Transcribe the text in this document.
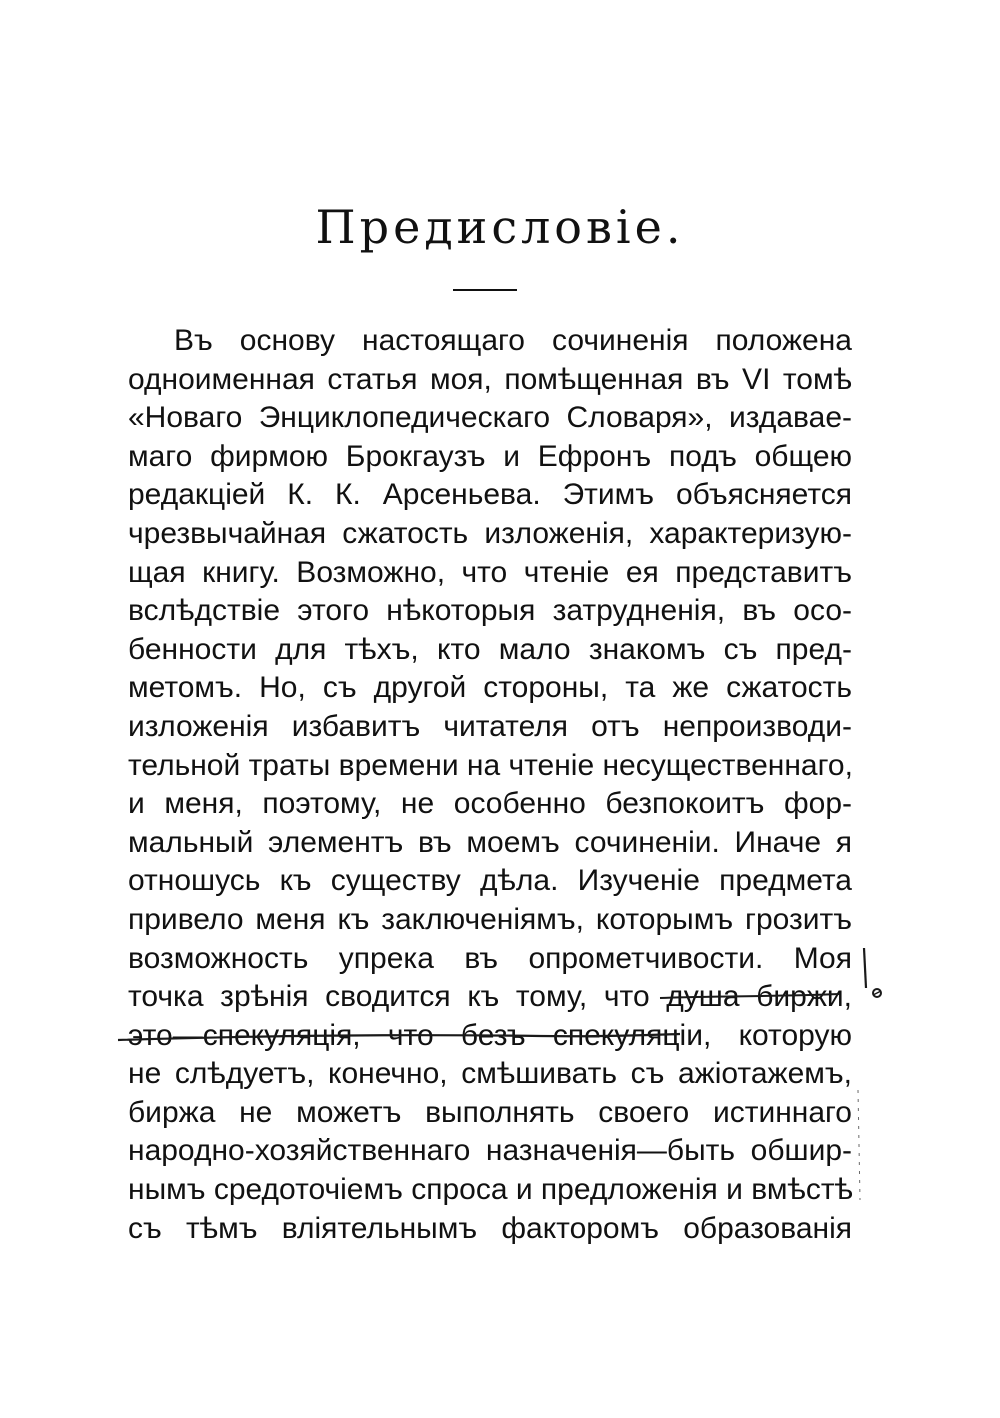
Предисловіе.
Въ основу настоящаго сочиненія положена
одноименная статья моя, помѣщенная въ VI томѣ
«Новаго Энциклопедическаго Словаря», издавае-
маго фирмою Брокгаузъ и Ефронъ подъ общею
редакціей К. К. Арсеньева. Этимъ объясняется
чрезвычайная сжатость изложенія, характеризую-
щая книгу. Возможно, что чтеніе ея представитъ
вслѣдствіе этого нѣкоторыя затрудненія, въ осо-
бенности для тѣхъ, кто мало знакомъ съ пред-
метомъ. Но, съ другой стороны, та же сжатость
изложенія избавитъ читателя отъ непроизводи-
тельной траты времени на чтеніе несущественнаго,
и меня, поэтому, не особенно безпокоитъ фор-
мальный элементъ въ моемъ сочиненіи. Иначе я
отношусь къ существу дѣла. Изученіе предмета
привело меня къ заключеніямъ, которымъ грозитъ
возможность упрека въ опрометчивости. Моя
точка зрѣнія сводится къ тому, что душа биржи,
это—спекуляція, что безъ спекуляціи, которую
не слѣдуетъ, конечно, смѣшивать съ ажіотажемъ,
биржа не можетъ выполнять своего истиннаго
народно-хозяйственнаго назначенія—быть обшир-
нымъ средоточіемъ спроса и предложенія и вмѣстѣ
съ тѣмъ вліятельнымъ факторомъ образованія
